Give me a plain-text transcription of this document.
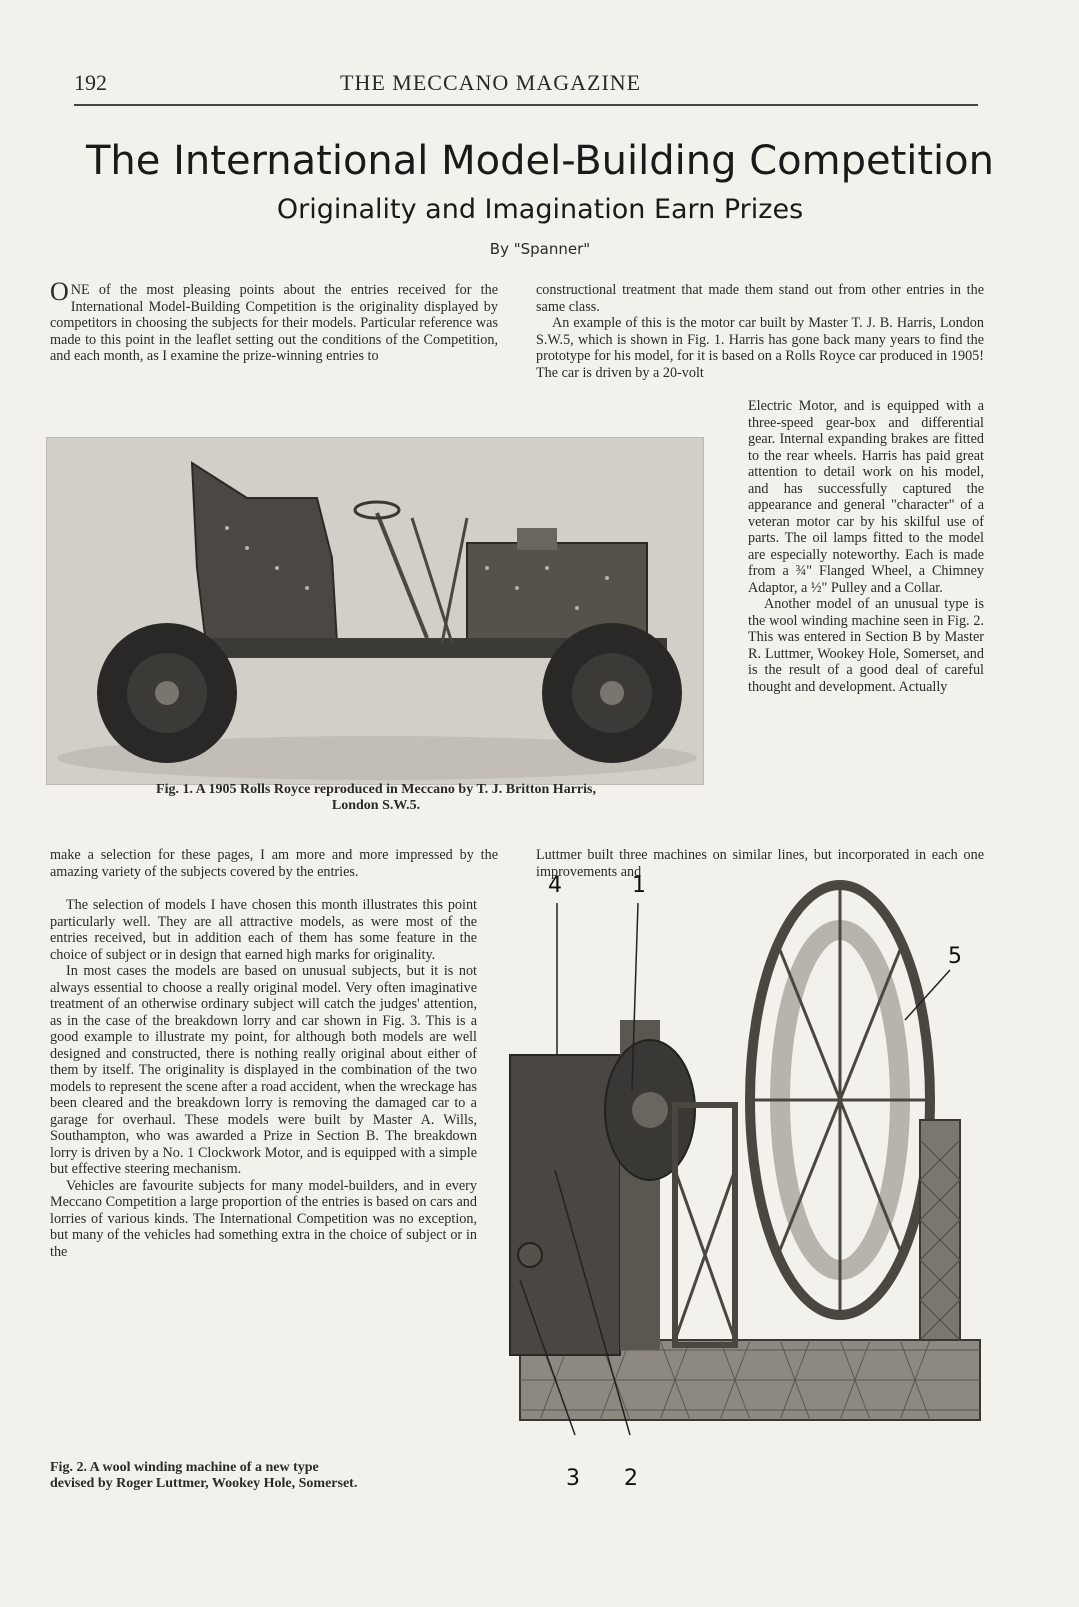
192	THE MECCANO MAGAZINE
The International Model-Building Competition
Originality and Imagination Earn Prizes
By "Spanner"

ONE of the most pleasing points about the entries received for the International Model-Building Competition is the originality displayed by competitors in choosing the subjects for their models. Particular reference was made to this point in the leaflet setting out the conditions of the Competition, and each month, as I examine the prize-winning entries to

constructional treatment that made them stand out from other entries in the same class.

An example of this is the motor car built by Master T. J. B. Harris, London S.W.5, which is shown in Fig. 1. Harris has gone back many years to find the prototype for his model, for it is based on a Rolls Royce car produced in 1905! The car is driven by a 20-volt

Fig. 1. A 1905 Rolls Royce reproduced in Meccano by T. J. Britton Harris,
London S.W.5.

Electric Motor, and is equipped with a three-speed gear-box and differential gear. Internal expanding brakes are fitted to the rear wheels. Harris has paid great attention to detail work on his model, and has successfully captured the appearance and general "character" of a veteran motor car by his skilful use of parts. The oil lamps fitted to the model are especially noteworthy. Each is made from a ¾" Flanged Wheel, a Chimney Adaptor, a ½" Pulley and a Collar.

Another model of an unusual type is the wool winding machine seen in Fig. 2. This was entered in Section B by Master R. Luttmer, Wookey Hole, Somerset, and is the result of a good deal of careful thought and development. Actually

Luttmer built three machines on similar lines, but incorporated in each one improvements and

make a selection for these pages, I am more and more impressed by the amazing variety of the subjects covered by the entries.

The selection of models I have chosen this month illustrates this point particularly well. They are all attractive models, as were most of the entries received, but in addition each of them has some feature in the choice of subject or in design that earned high marks for originality.

In most cases the models are based on unusual subjects, but it is not always essential to choose a really original model. Very often imaginative treatment of an otherwise ordinary subject will catch the judges' attention, as in the case of the breakdown lorry and car shown in Fig. 3. This is a good example to illustrate my point, for although both models are well designed and constructed, there is nothing really original about either of them by itself. The originality is displayed in the combination of the two models to represent the scene after a road accident, when the wreckage has been cleared and the breakdown lorry is removing the damaged car to a garage for overhaul. These models were built by Master A. Wills, Southampton, who was awarded a Prize in Section B. The breakdown lorry is driven by a No. 1 Clockwork Motor, and is equipped with a simple but effective steering mechanism.

Vehicles are favourite subjects for many model-builders, and in every Meccano Competition a large proportion of the entries is based on cars and lorries of various kinds. The International Competition was no exception, but many of the vehicles had something extra in the choice of subject or in the

Fig. 2. A wool winding machine of a new type
devised by Roger Luttmer, Wookey Hole, Somerset.
4	1
5
3 2
